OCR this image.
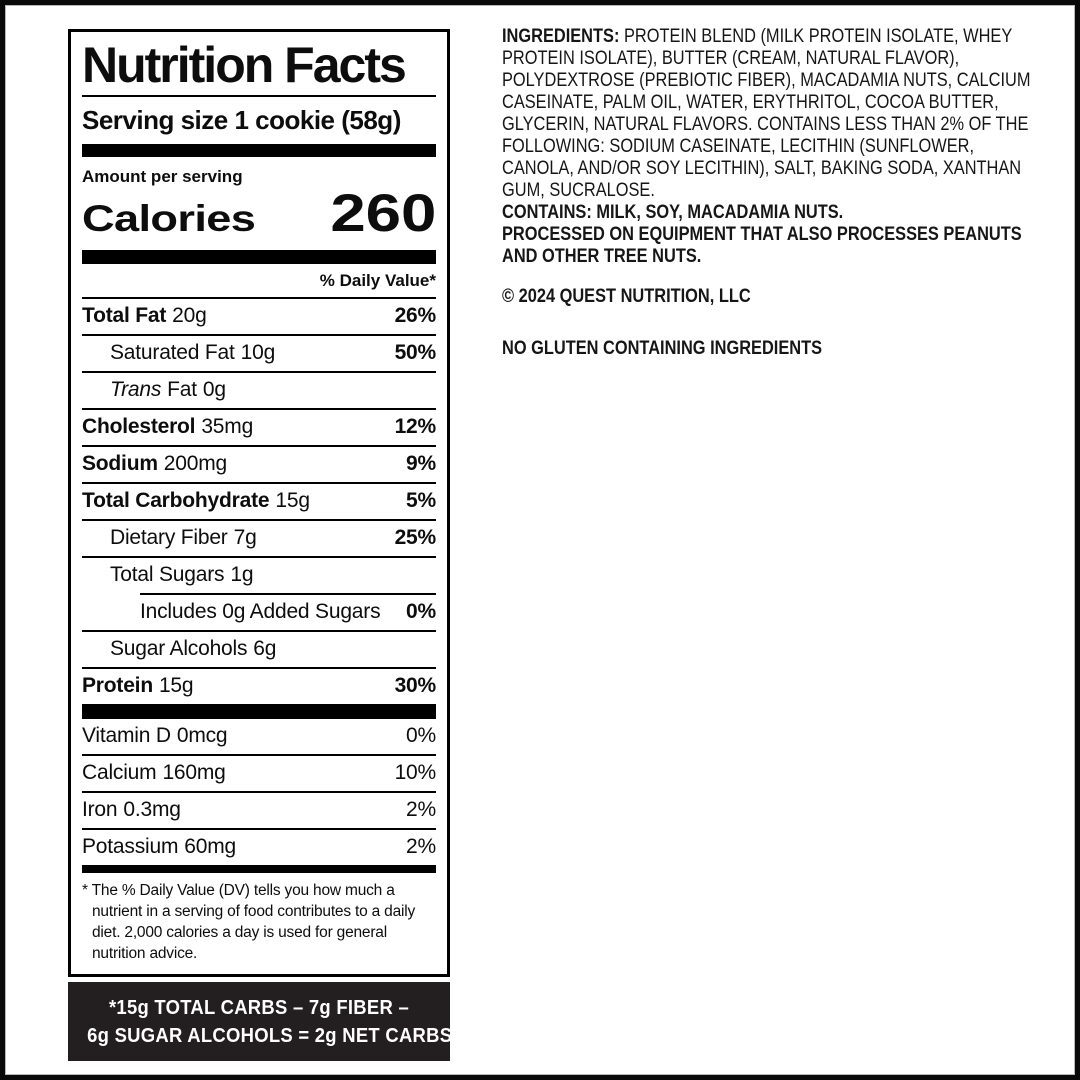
Nutrition Facts
Serving size 1 cookie (58g)
Amount per serving
Calories 260
% Daily Value*
Total Fat 20g	26%
Saturated Fat 10g	50%
Trans Fat 0g
Cholesterol 35mg	12%
Sodium 200mg	9%
Total Carbohydrate 15g	5%
Dietary Fiber 7g	25%
Total Sugars 1g
Includes 0g Added Sugars 0%
Sugar Alcohols 6g
Protein 15g	30%
Vitamin D 0mcg	0%
Calcium 160mg	10%
Iron 0.3mg	2%
Potassium 60mg	2%

* The % Daily Value (DV) tells you how much a nutrient in a serving of food contributes to a daily diet. 2,000 calories a day is used for general nutrition advice.

*15g TOTAL CARBS – 7g FIBER –
6g SUGAR ALCOHOLS = 2g NET CARBS

INGREDIENTS: PROTEIN BLEND (MILK PROTEIN ISOLATE, WHEY PROTEIN ISOLATE), BUTTER (CREAM, NATURAL FLAVOR), POLYDEXTROSE (PREBIOTIC FIBER), MACADAMIA NUTS, CALCIUM CASEINATE, PALM OIL, WATER, ERYTHRITOL, COCOA BUTTER, GLYCERIN, NATURAL FLAVORS. CONTAINS LESS THAN 2% OF THE FOLLOWING: SODIUM CASEINATE, LECITHIN (SUNFLOWER, CANOLA, AND/OR SOY LECITHIN), SALT, BAKING SODA, XANTHAN GUM, SUCRALOSE.

CONTAINS: MILK, SOY, MACADAMIA NUTS.

PROCESSED ON EQUIPMENT THAT ALSO PROCESSES PEANUTS AND OTHER TREE NUTS.

© 2024 QUEST NUTRITION, LLC

NO GLUTEN CONTAINING INGREDIENTS
